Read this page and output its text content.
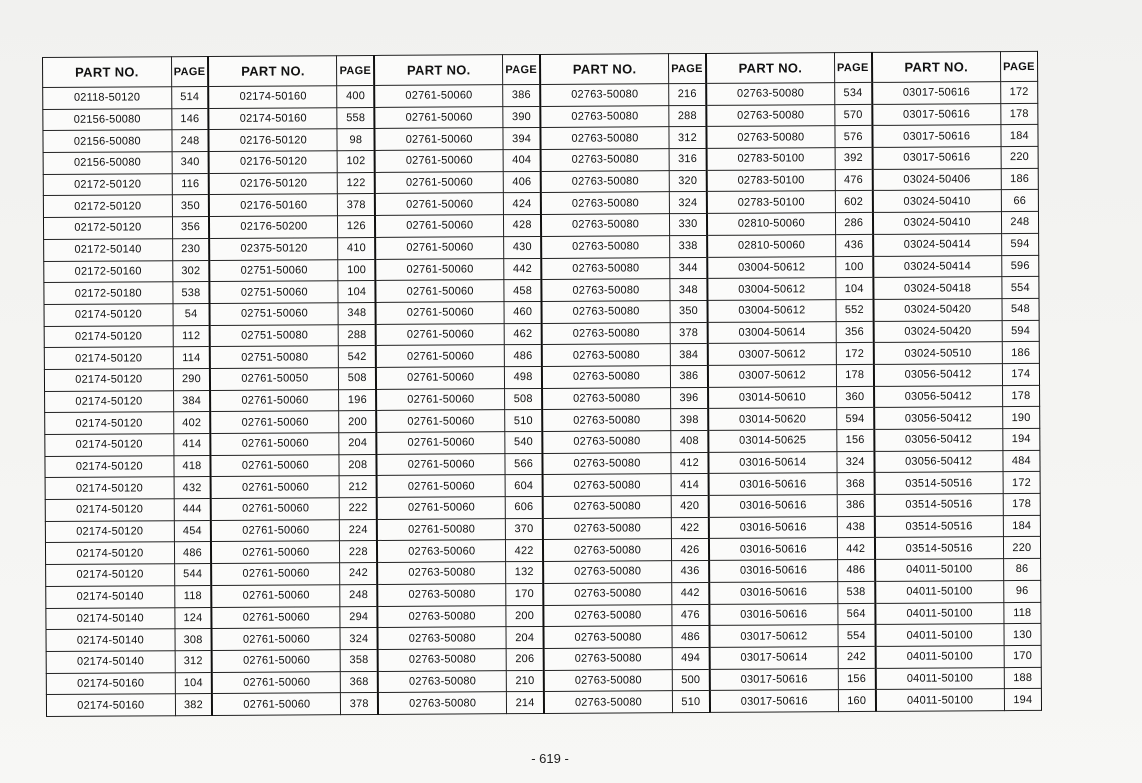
PART NO.	PAGE	PART NO.	PAGE	PART NO.	PAGE	PART NO.	PAGE	PART NO.	PAGE	PART NO.	PAGE
02118-50120	514	02174-50160	400	02761-50060	386	02763-50080	216	02763-50080	534	03017-50616	172
02156-50080	146	02174-50160	558	02761-50060	390	02763-50080	288	02763-50080	570	03017-50616	178
02156-50080	248	02176-50120	98	02761-50060	394	02763-50080	312	02763-50080	576	03017-50616	184
02156-50080	340	02176-50120	102	02761-50060	404	02763-50080	316	02783-50100	392	03017-50616	220
02172-50120	116	02176-50120	122	02761-50060	406	02763-50080	320	02783-50100	476	03024-50406	186
02172-50120	350	02176-50160	378	02761-50060	424	02763-50080	324	02783-50100	602	03024-50410	66
02172-50120	356	02176-50200	126	02761-50060	428	02763-50080	330	02810-50060	286	03024-50410	248
02172-50140	230	02375-50120	410	02761-50060	430	02763-50080	338	02810-50060	436	03024-50414	594
02172-50160	302	02751-50060	100	02761-50060	442	02763-50080	344	03004-50612	100	03024-50414	596
02172-50180	538	02751-50060	104	02761-50060	458	02763-50080	348	03004-50612	104	03024-50418	554
02174-50120	54	02751-50060	348	02761-50060	460	02763-50080	350	03004-50612	552	03024-50420	548
02174-50120	112	02751-50080	288	02761-50060	462	02763-50080	378	03004-50614	356	03024-50420	594
02174-50120	114	02751-50080	542	02761-50060	486	02763-50080	384	03007-50612	172	03024-50510	186
02174-50120	290	02761-50050	508	02761-50060	498	02763-50080	386	03007-50612	178	03056-50412	174
02174-50120	384	02761-50060	196	02761-50060	508	02763-50080	396	03014-50610	360	03056-50412	178
02174-50120	402	02761-50060	200	02761-50060	510	02763-50080	398	03014-50620	594	03056-50412	190
02174-50120	414	02761-50060	204	02761-50060	540	02763-50080	408	03014-50625	156	03056-50412	194
02174-50120	418	02761-50060	208	02761-50060	566	02763-50080	412	03016-50614	324	03056-50412	484
02174-50120	432	02761-50060	212	02761-50060	604	02763-50080	414	03016-50616	368	03514-50516	172
02174-50120	444	02761-50060	222	02761-50060	606	02763-50080	420	03016-50616	386	03514-50516	178
02174-50120	454	02761-50060	224	02761-50080	370	02763-50080	422	03016-50616	438	03514-50516	184
02174-50120	486	02761-50060	228	02763-50060	422	02763-50080	426	03016-50616	442	03514-50516	220
02174-50120	544	02761-50060	242	02763-50080	132	02763-50080	436	03016-50616	486	04011-50100	86
02174-50140	118	02761-50060	248	02763-50080	170	02763-50080	442	03016-50616	538	04011-50100	96
02174-50140	124	02761-50060	294	02763-50080	200	02763-50080	476	03016-50616	564	04011-50100	118
02174-50140	308	02761-50060	324	02763-50080	204	02763-50080	486	03017-50612	554	04011-50100	130
02174-50140	312	02761-50060	358	02763-50080	206	02763-50080	494	03017-50614	242	04011-50100	170
02174-50160	104	02761-50060	368	02763-50080	210	02763-50080	500	03017-50616	156	04011-50100	188
02174-50160	382	02761-50060	378	02763-50080	214	02763-50080	510	03017-50616	160	04011-50100	194
- 619 -
